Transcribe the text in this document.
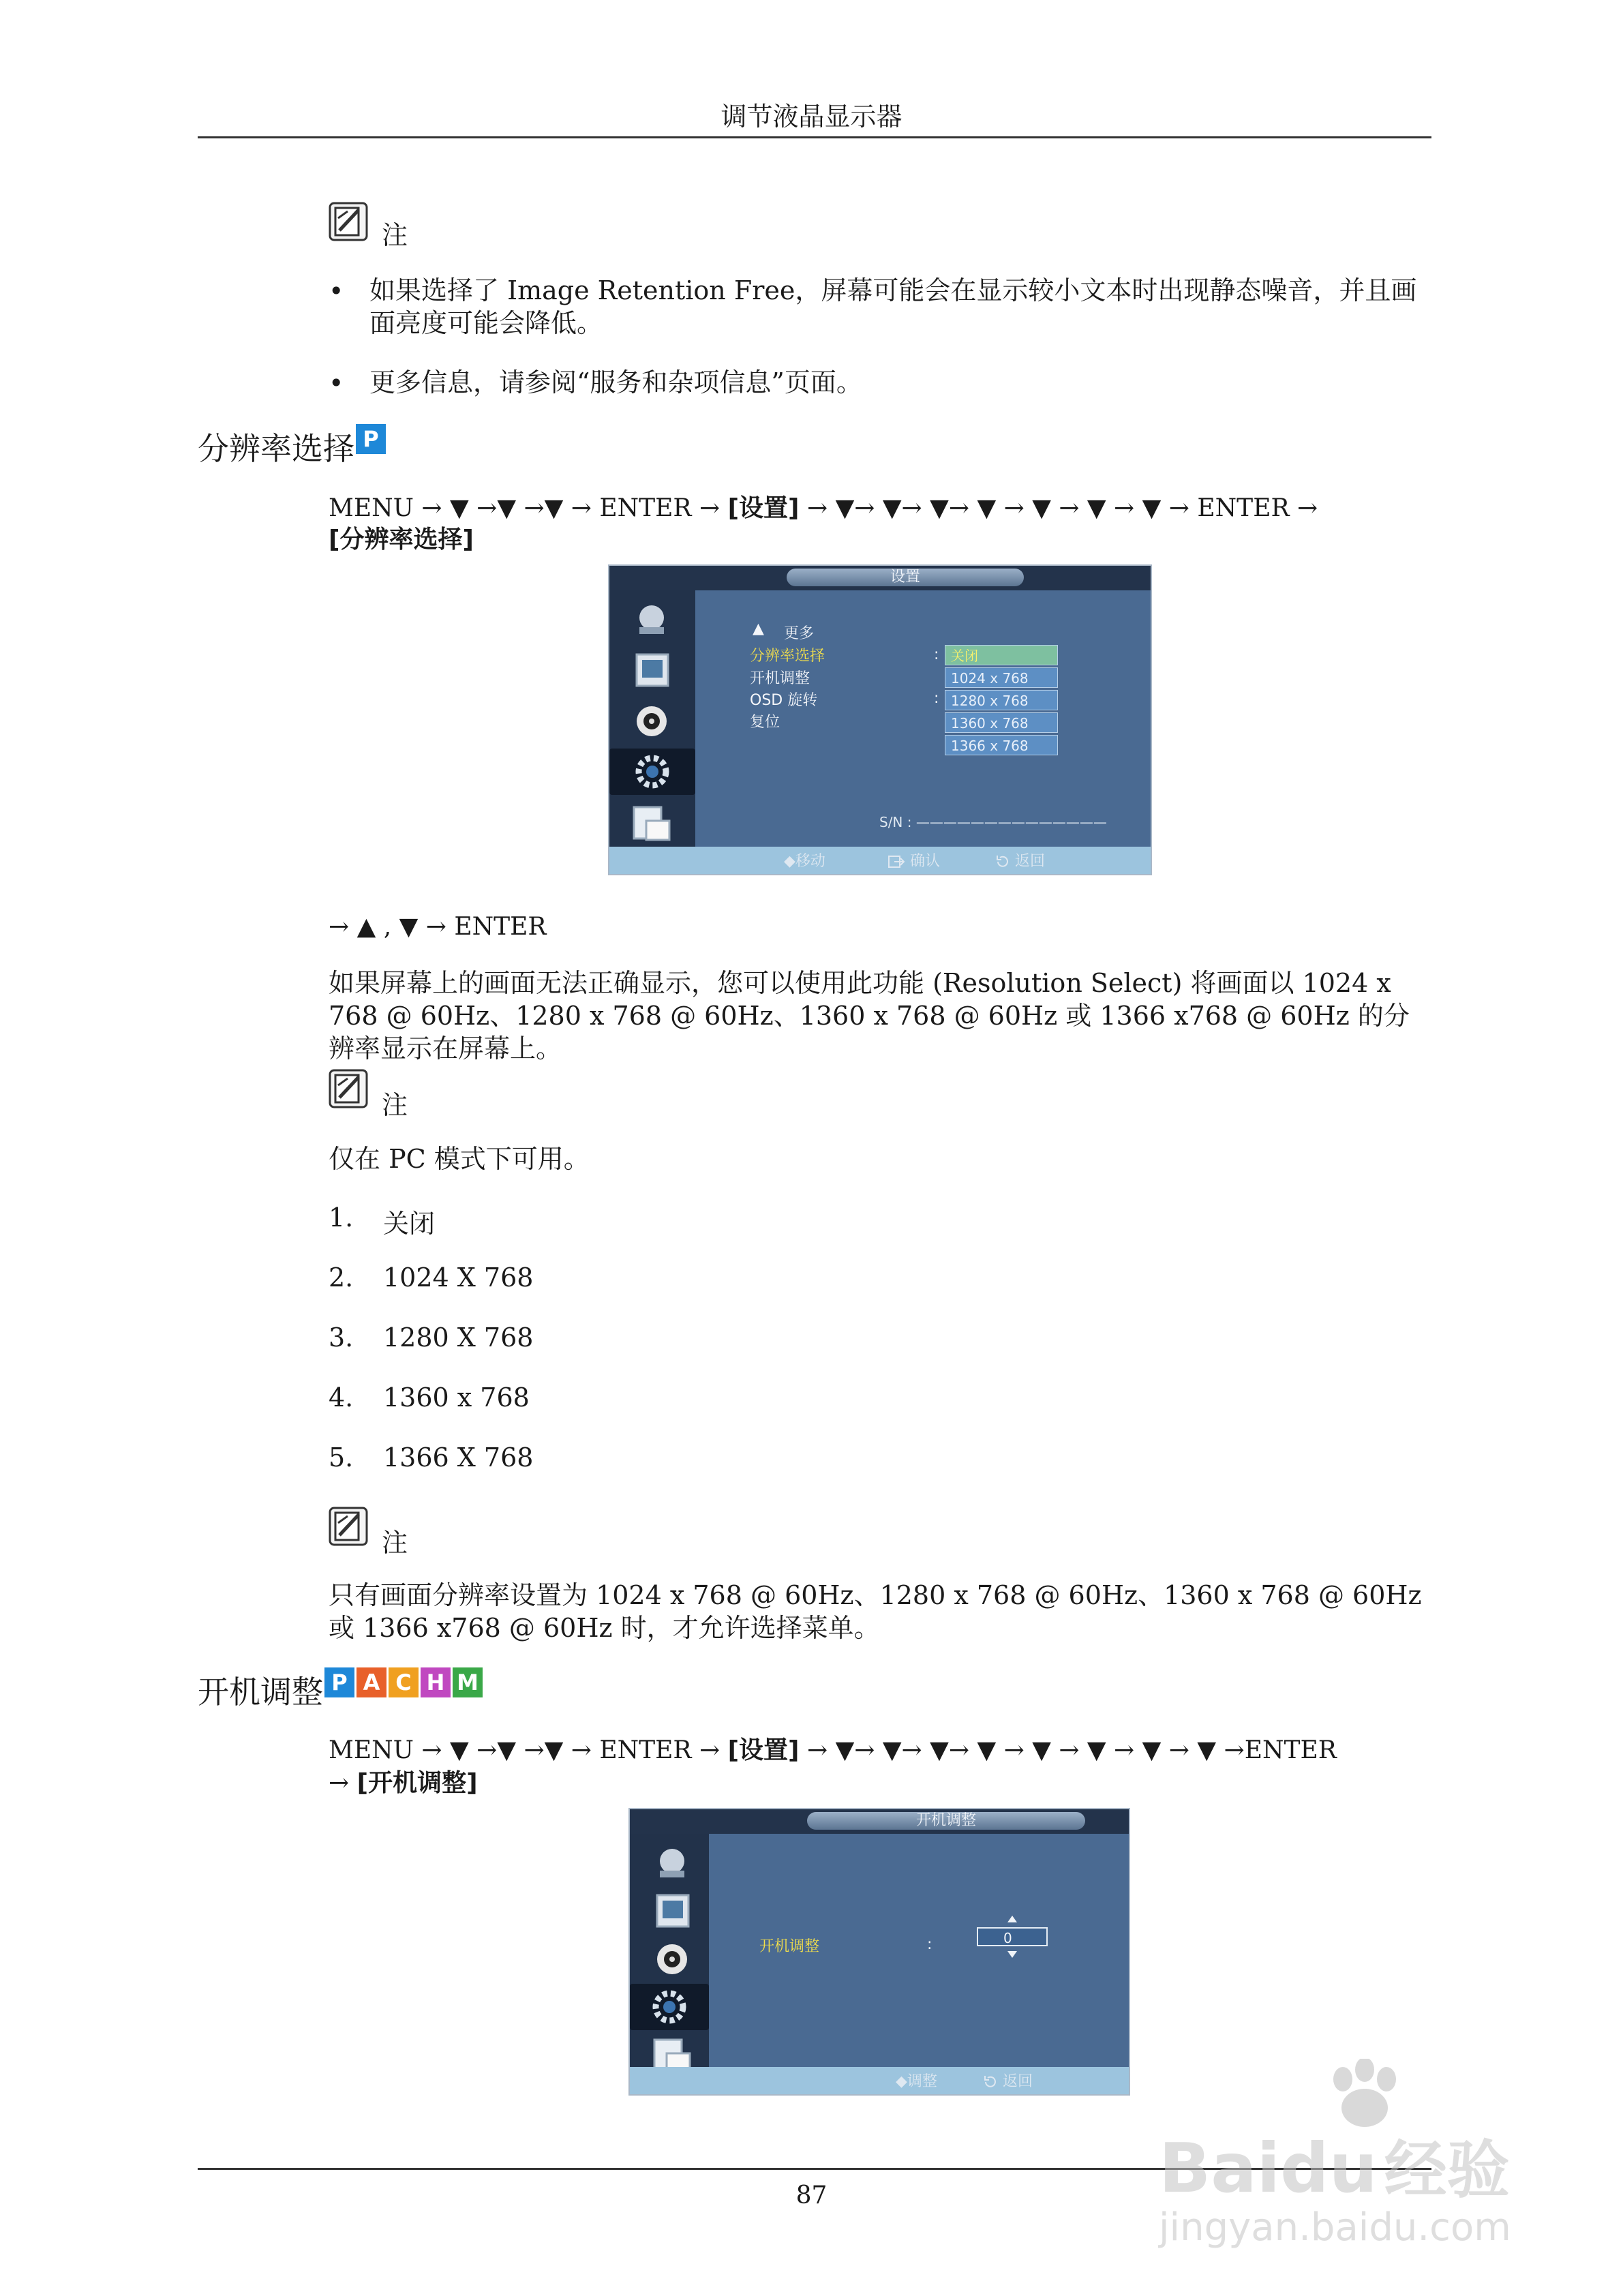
调节液晶显示器
注
• 如果选择了 Image Retention Free，屏幕可能会在显示较小文本时出现静态噪音，并且画面亮度可能会降低。
• 更多信息，请参阅“服务和杂项信息”页面。
分辨率选择 P
MENU → ▼ →▼ →▼ → ENTER → [设置] → ▼→ ▼→ ▼→ ▼ → ▼ → ▼ → ▼ → ENTER →
[分辨率选择]
设置
▲ 更多
分辨率选择
开机调整
OSD 旋转
复位
:
:
关闭
1024 x 768
1280 x 768
1360 x 768
1366 x 768
S/N : ——————————————
◆移动	确认	返回
→ ▲ , ▼ → ENTER
如果屏幕上的画面无法正确显示，您可以使用此功能 (Resolution Select) 将画面以 1024 x 768 @ 60Hz、1280 x 768 @ 60Hz、1360 x 768 @ 60Hz 或 1366 x768 @ 60Hz 的分辨率显示在屏幕上。
注
仅在 PC 模式下可用。
1. 关闭
2. 1024 X 768
3. 1280 X 768
4. 1360 x 768
5. 1366 X 768
注
只有画面分辨率设置为 1024 x 768 @ 60Hz、1280 x 768 @ 60Hz、1360 x 768 @ 60Hz 或 1366 x768 @ 60Hz 时，才允许选择菜单。
开机调整 P A C H M
MENU → ▼ →▼ →▼ → ENTER → [设置] → ▼→ ▼→ ▼→ ▼ → ▼ → ▼ → ▼ → ▼ →ENTER
→ [开机调整]
开机调整
开机调整	:	0
◆调整	返回
87	Baidu 经验
jingyan.baidu.com
